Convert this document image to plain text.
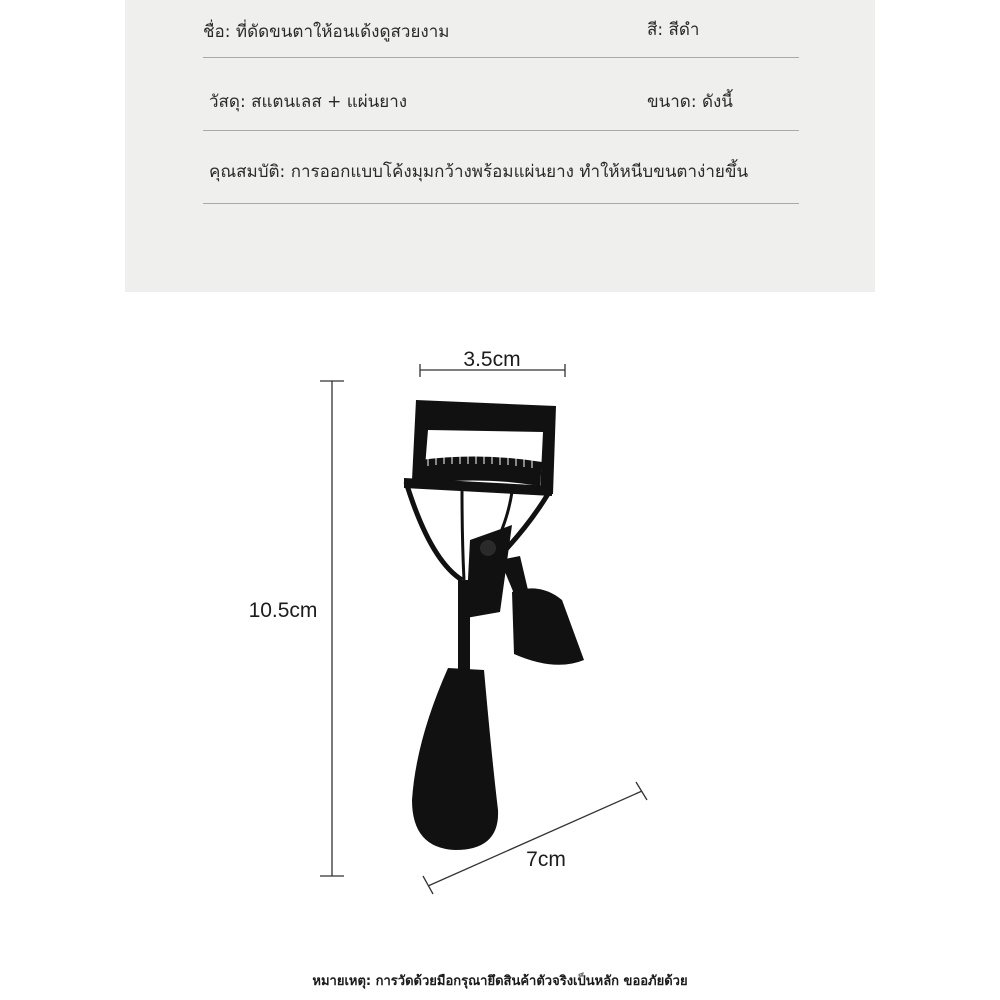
ชื่อ: ที่ดัดขนตาให้อนเด้งดูสวยงาม	สี: สีดำ
วัสดุ: สแตนเลส + แผ่นยาง	ขนาด: ดังนี้
คุณสมบัติ: การออกแบบโค้งมุมกว้างพร้อมแผ่นยาง ทำให้หนีบขนตาง่ายขึ้น
3.5cm
10.5cm
7cm
หมายเหตุ: การวัดด้วยมือกรุณายึดสินค้าตัวจริงเป็นหลัก ขออภัยด้วย
